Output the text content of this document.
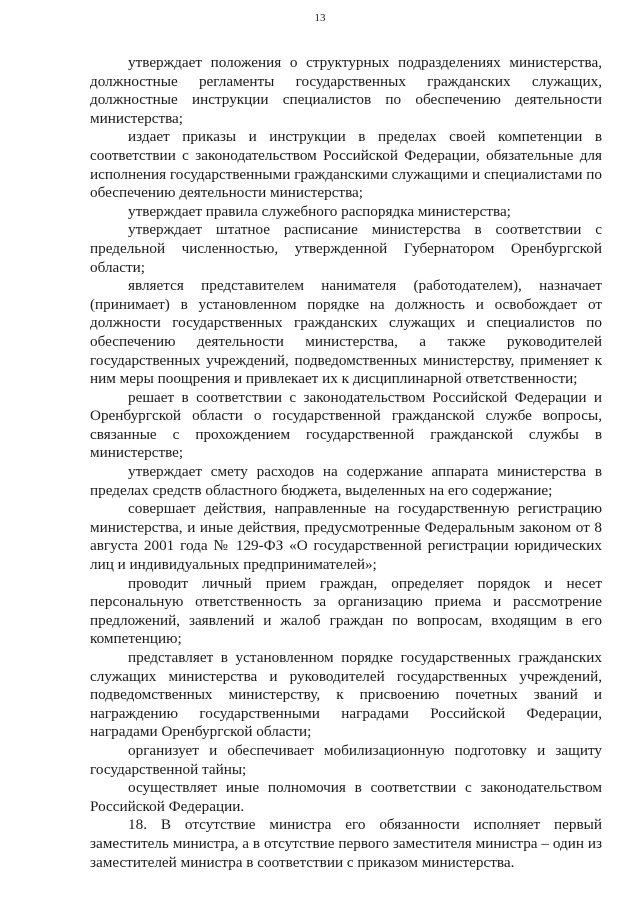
13

утверждает положения о структурных подразделениях министерства, должностные регламенты государственных гражданских служащих, должностные инструкции специалистов по обеспечению деятельности министерства;

издает приказы и инструкции в пределах своей компетенции в соответствии с законодательством Российской Федерации, обязательные для исполнения государственными гражданскими служащими и специалистами по обеспечению деятельности министерства;

утверждает правила служебного распорядка министерства;

утверждает штатное расписание министерства в соответствии с предельной численностью, утвержденной Губернатором Оренбургской области;

является представителем нанимателя (работодателем), назначает (принимает) в установленном порядке на должность и освобождает от должности государственных гражданских служащих и специалистов по обеспечению деятельности министерства, а также руководителей государственных учреждений, подведомственных министерству, применяет к ним меры поощрения и привлекает их к дисциплинарной ответственности;

решает в соответствии с законодательством Российской Федерации и Оренбургской области о государственной гражданской службе вопросы, связанные с прохождением государственной гражданской службы в министерстве;

утверждает смету расходов на содержание аппарата министерства в пределах средств областного бюджета, выделенных на его содержание;

совершает действия, направленные на государственную регистрацию министерства, и иные действия, предусмотренные Федеральным законом от 8 августа 2001 года № 129-ФЗ «О государственной регистрации юридических лиц и индивидуальных предпринимателей»;

проводит личный прием граждан, определяет порядок и несет персональную ответственность за организацию приема и рассмотрение предложений, заявлений и жалоб граждан по вопросам, входящим в его компетенцию;

представляет в установленном порядке государственных гражданских служащих министерства и руководителей государственных учреждений, подведомственных министерству, к присвоению почетных званий и награждению государственными наградами Российской Федерации, наградами Оренбургской области;

организует и обеспечивает мобилизационную подготовку и защиту государственной тайны;

осуществляет иные полномочия в соответствии с законодательством Российской Федерации.

18. В отсутствие министра его обязанности исполняет первый заместитель министра, а в отсутствие первого заместителя министра – один из заместителей министра в соответствии с приказом министерства.
